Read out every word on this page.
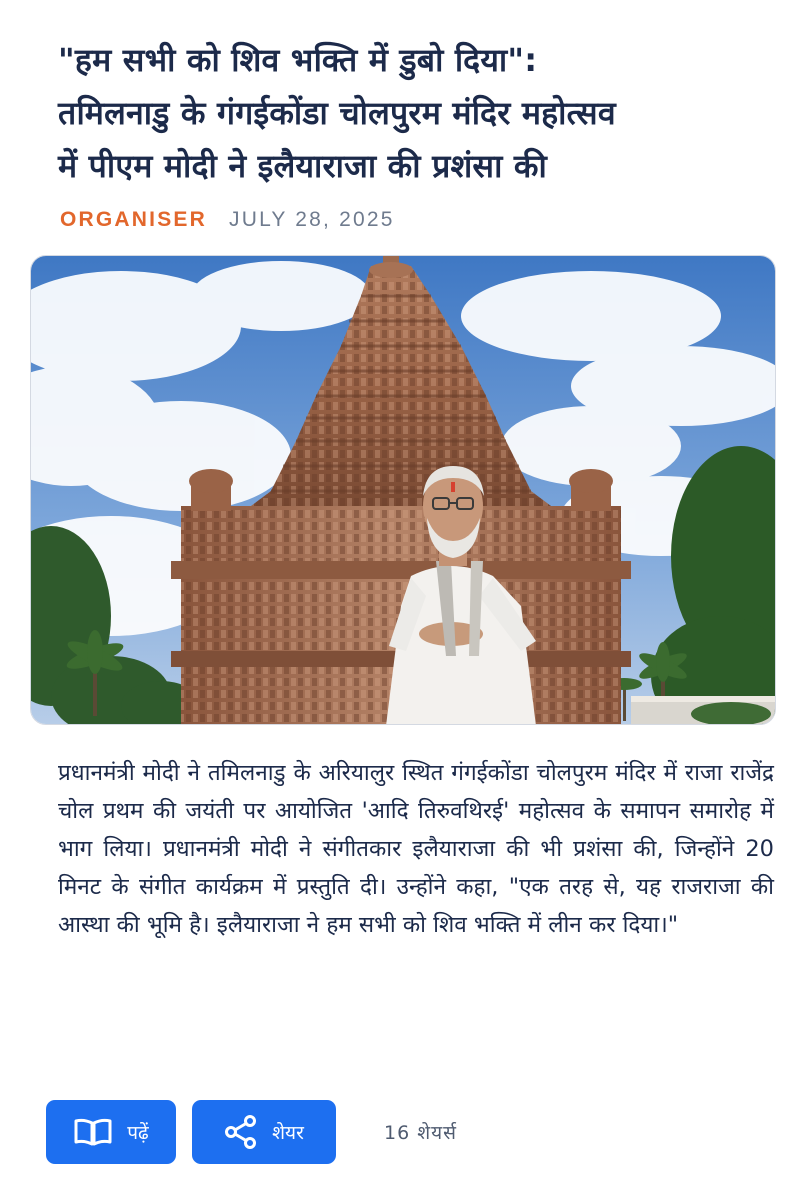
"हम सभी को शिव भक्ति में डुबो दिया":
तमिलनाडु के गंगईकोंडा चोलपुरम मंदिर महोत्सव
में पीएम मोदी ने इलैयाराजा की प्रशंसा की
ORGANISER JULY 28, 2025

प्रधानमंत्री मोदी ने तमिलनाडु के अरियालुर स्थित गंगईकोंडा चोलपुरम मंदिर में राजा राजेंद्र चोल प्रथम की जयंती पर आयोजित 'आदि तिरुवथिरई' महोत्सव के समापन समारोह में भाग लिया। प्रधानमंत्री मोदी ने संगीतकार इलैयाराजा की भी प्रशंसा की, जिन्होंने 20 मिनट के संगीत कार्यक्रम में प्रस्तुति दी। उन्होंने कहा, "एक तरह से, यह राजराजा की आस्था की भूमि है। इलैयाराजा ने हम सभी को शिव भक्ति में लीन कर दिया।"

पढ़ें	शेयर	16 शेयर्स
